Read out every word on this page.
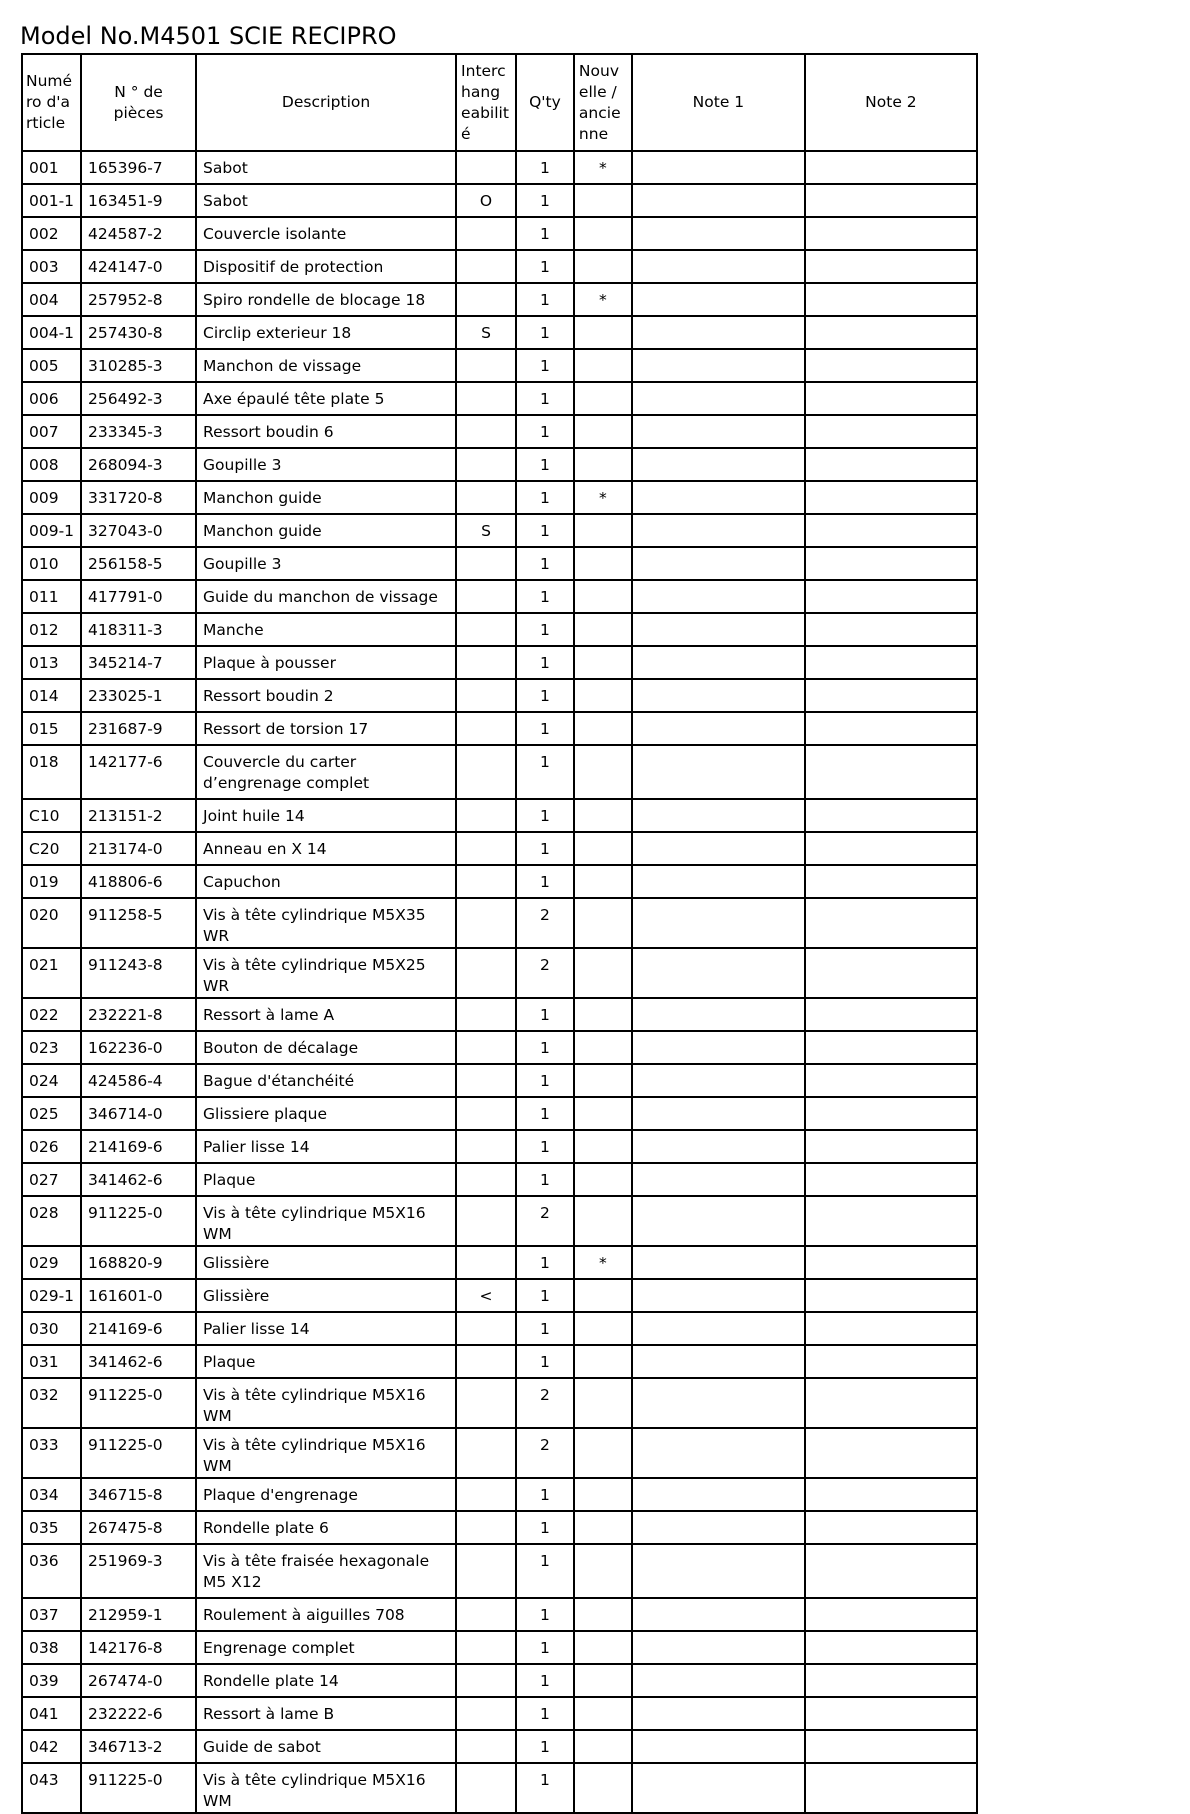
Model No.M4501 SCIE RECIPRO
Numé ro d'a rticle	N ° de pièces	Description	Interc hang eabilit é	Q'ty	Nouv elle / ancie nne	Note 1	Note 2
001	165396-7	Sabot		1	*		
001-1	163451-9	Sabot	O	1			
002	424587-2	Couvercle isolante		1			
003	424147-0	Dispositif de protection		1			
004	257952-8	Spiro rondelle de blocage 18		1	*		
004-1	257430-8	Circlip exterieur 18	S	1			
005	310285-3	Manchon de vissage		1			
006	256492-3	Axe épaulé tête plate 5		1			
007	233345-3	Ressort boudin 6		1			
008	268094-3	Goupille 3		1			
009	331720-8	Manchon guide		1	*		
009-1	327043-0	Manchon guide	S	1			
010	256158-5	Goupille 3		1			
011	417791-0	Guide du manchon de vissage		1			
012	418311-3	Manche		1			
013	345214-7	Plaque à pousser		1			
014	233025-1	Ressort boudin 2		1			
015	231687-9	Ressort de torsion 17		1			
018	142177-6	Couvercle du carter d’engrenage complet		1			
C10	213151-2	Joint huile 14		1			
C20	213174-0	Anneau en X 14		1			
019	418806-6	Capuchon		1			
020	911258-5	Vis à tête cylindrique M5X35 WR		2			
021	911243-8	Vis à tête cylindrique M5X25 WR		2			
022	232221-8	Ressort à lame A		1			
023	162236-0	Bouton de décalage		1			
024	424586-4	Bague d'étanchéité		1			
025	346714-0	Glissiere plaque		1			
026	214169-6	Palier lisse 14		1			
027	341462-6	Plaque		1			
028	911225-0	Vis à tête cylindrique M5X16 WM		2			
029	168820-9	Glissière		1	*		
029-1	161601-0	Glissière	<	1			
030	214169-6	Palier lisse 14		1			
031	341462-6	Plaque		1			
032	911225-0	Vis à tête cylindrique M5X16 WM		2			
033	911225-0	Vis à tête cylindrique M5X16 WM		2			
034	346715-8	Plaque d'engrenage		1			
035	267475-8	Rondelle plate 6		1			
036	251969-3	Vis à tête fraisée hexagonale M5 X12		1			
037	212959-1	Roulement à aiguilles 708		1			
038	142176-8	Engrenage complet		1			
039	267474-0	Rondelle plate 14		1			
041	232222-6	Ressort à lame B		1			
042	346713-2	Guide de sabot		1			
043	911225-0	Vis à tête cylindrique M5X16 WM		1			
